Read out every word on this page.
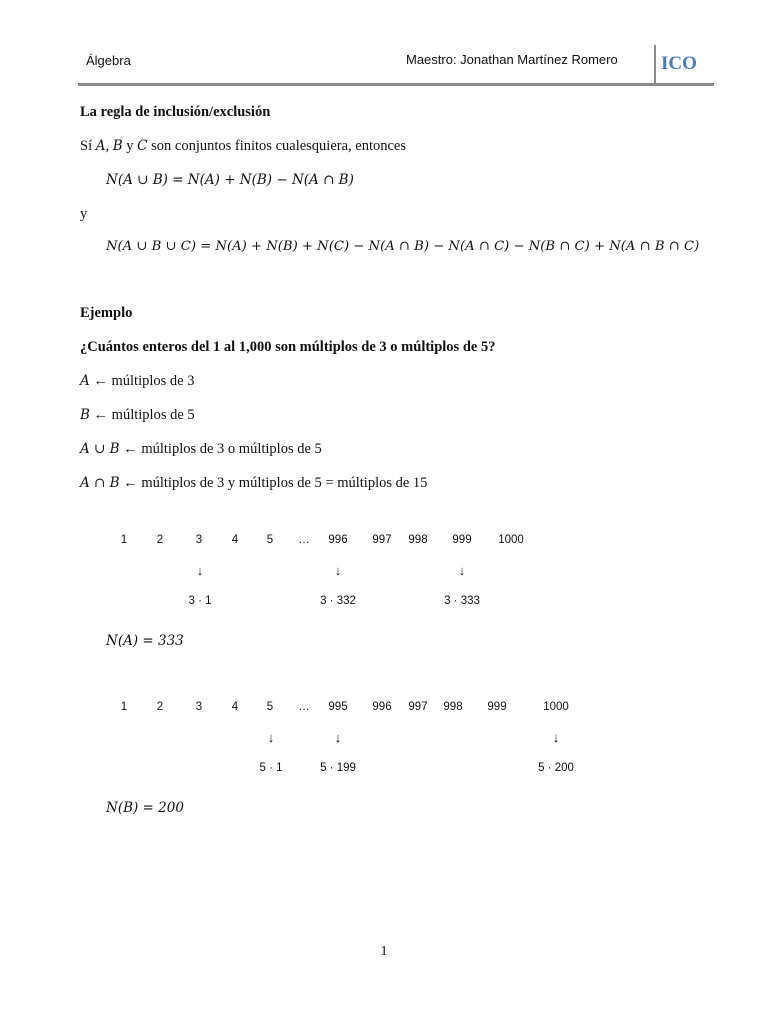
Álgebra	Maestro: Jonathan Martínez Romero ICO
La regla de inclusión/exclusión
Sí A, B y C son conjuntos finitos cualesquiera, entonces
N(A ∪ B) = N(A) + N(B) − N(A ∩ B)
y
N(A ∪ B ∪ C) = N(A) + N(B) + N(C) − N(A ∩ B) − N(A ∩ C) − N(B ∩ C) + N(A ∩ B ∩ C)
Ejemplo
¿Cuántos enteros del 1 al 1,000 son múltiplos de 3 o múltiplos de 5?
A ← múltiplos de 3
B ← múltiplos de 5
A ∪ B ← múltiplos de 3 o múltiplos de 5
A ∩ B ← múltiplos de 3 y múltiplos de 5 = múltiplos de 15
1	2	3	4 5 … 996 997 998 999 1000
↓	↓	↓
3 · 1	3 · 332	3 · 333
N(A) = 333
1	2	3	4 5 … 995 996 997 998 999	1000
↓	↓	↓
5 · 1	5 · 199	5 · 200
N(B) = 200
1
